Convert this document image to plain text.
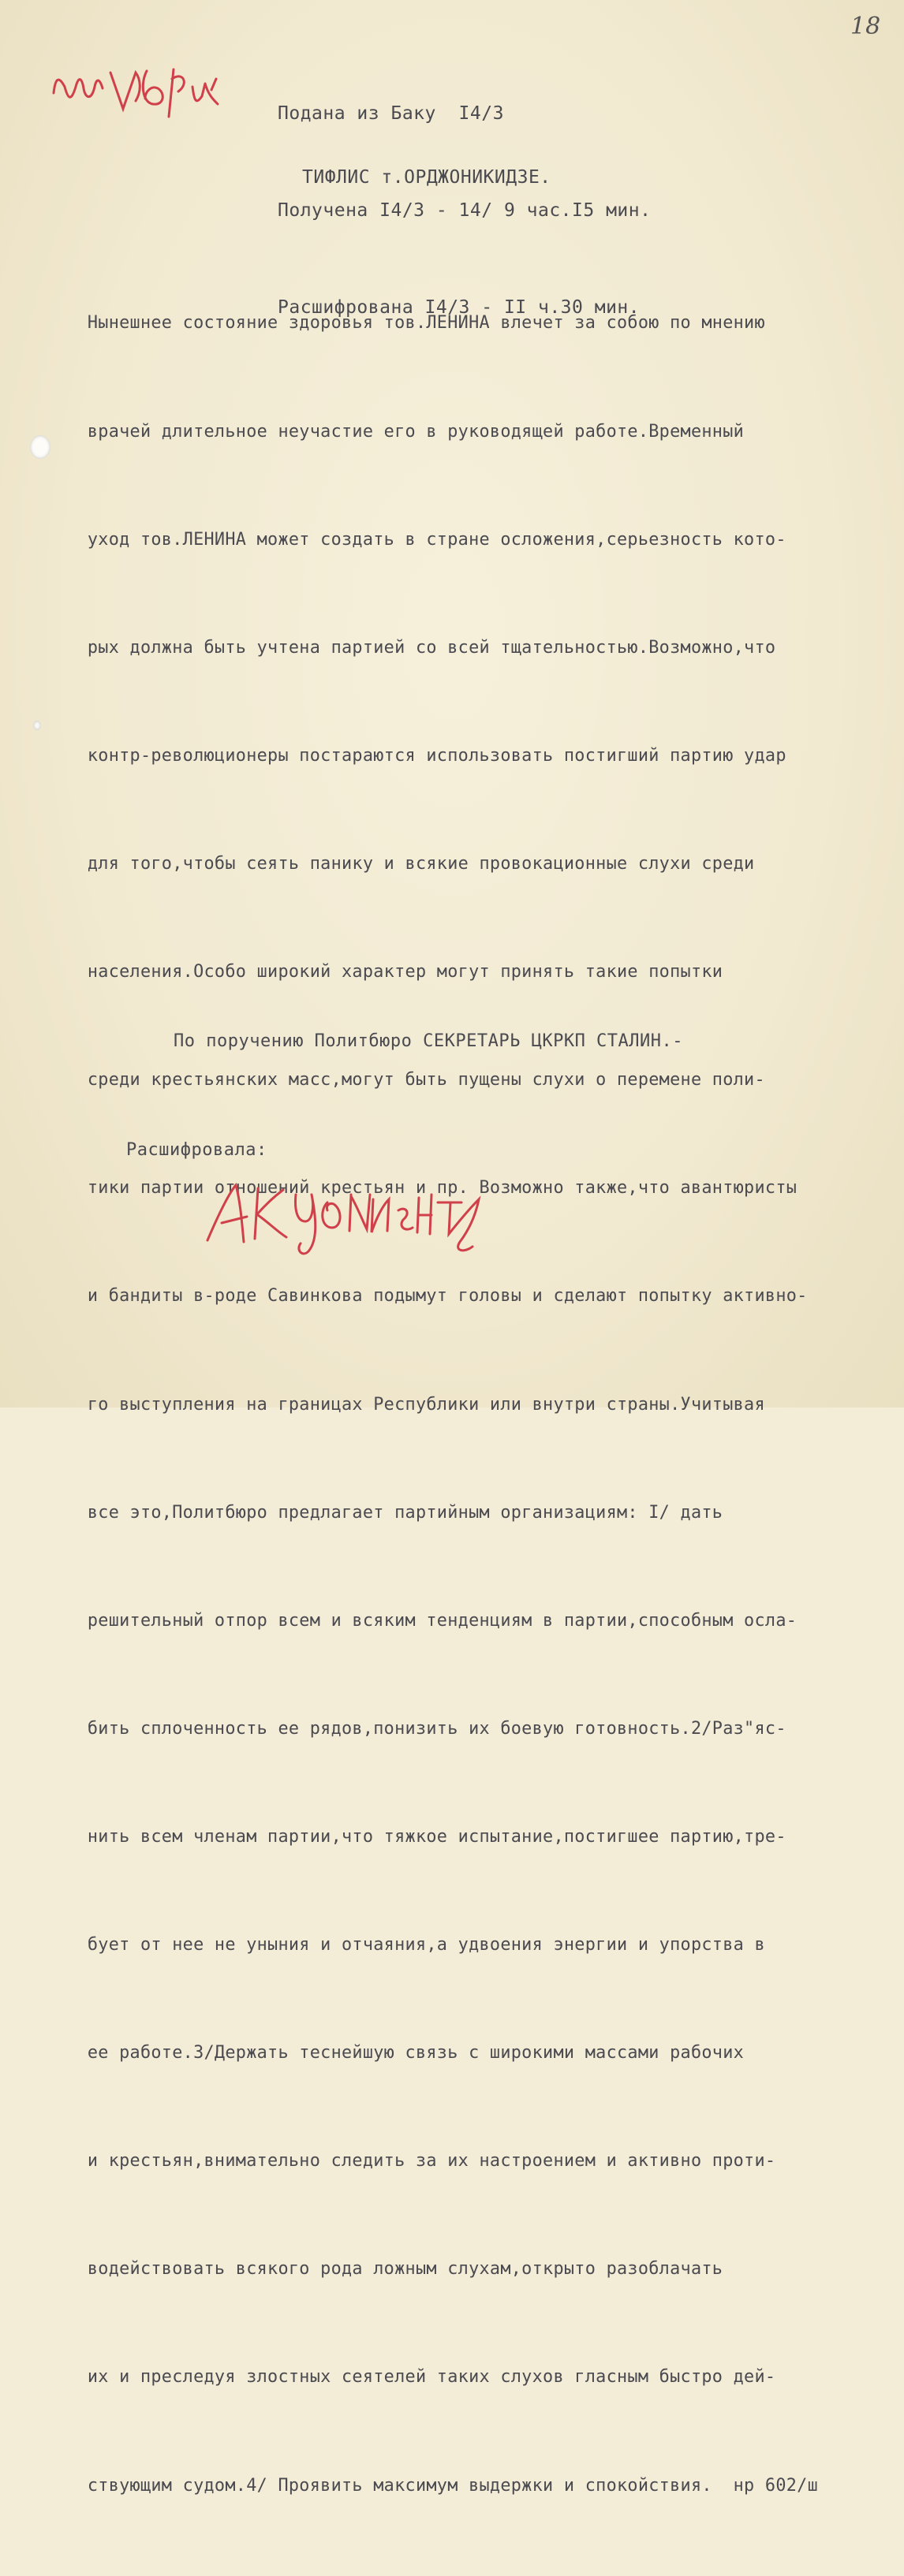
18

Подана из Баку  I4/3

Получена I4/3 - 14/ 9 час.I5 мин.

Расшифрована I4/3 - II ч.30 мин.

ТИФЛИС т.ОРДЖОНИКИДЗЕ.

Нынешнее состояние здоровья тов.ЛЕНИНА влечет за собою по мнению

врачей длительное неучастие его в руководящей работе.Временный

уход тов.ЛЕНИНА может создать в стране осложения,серьезность кото-

рых должна быть учтена партией со всей тщательностью.Возможно,что

контр-революционеры постараются использовать постигший партию удар

для того,чтобы сеять панику и всякие провокационные слухи среди

населения.Особо широкий характер могут принять такие попытки

среди крестьянских масс,могут быть пущены слухи о перемене поли-

тики партии отношений крестьян и пр. Возможно также,что авантюристы

и бандиты в-роде Савинкова подымут головы и сделают попытку активно-

го выступления на границах Республики или внутри страны.Учитывая

все это,Политбюро предлагает партийным организациям: I/ дать

решительный отпор всем и всяким тенденциям в партии,способным осла-

бить сплоченность ее рядов,понизить их боевую готовность.2/Раз"яс-

нить всем членам партии,что тяжкое испытание,постигшее партию,тре-

бует от нее не уныния и отчаяния,а удвоения энергии и упорства в

ее работе.3/Держать теснейшую связь с широкими массами рабочих

и крестьян,внимательно следить за их настроением и активно проти-

водействовать всякого рода ложным слухам,открыто разоблачать

их и преследуя злостных сеятелей таких слухов гласным быстро дей-

ствующим судом.4/ Проявить максимум выдержки и спокойствия.  нр 602/ш

По поручению Политбюро СЕКРЕТАРЬ ЦКРКП СТАЛИН.-
Расшифровала:
